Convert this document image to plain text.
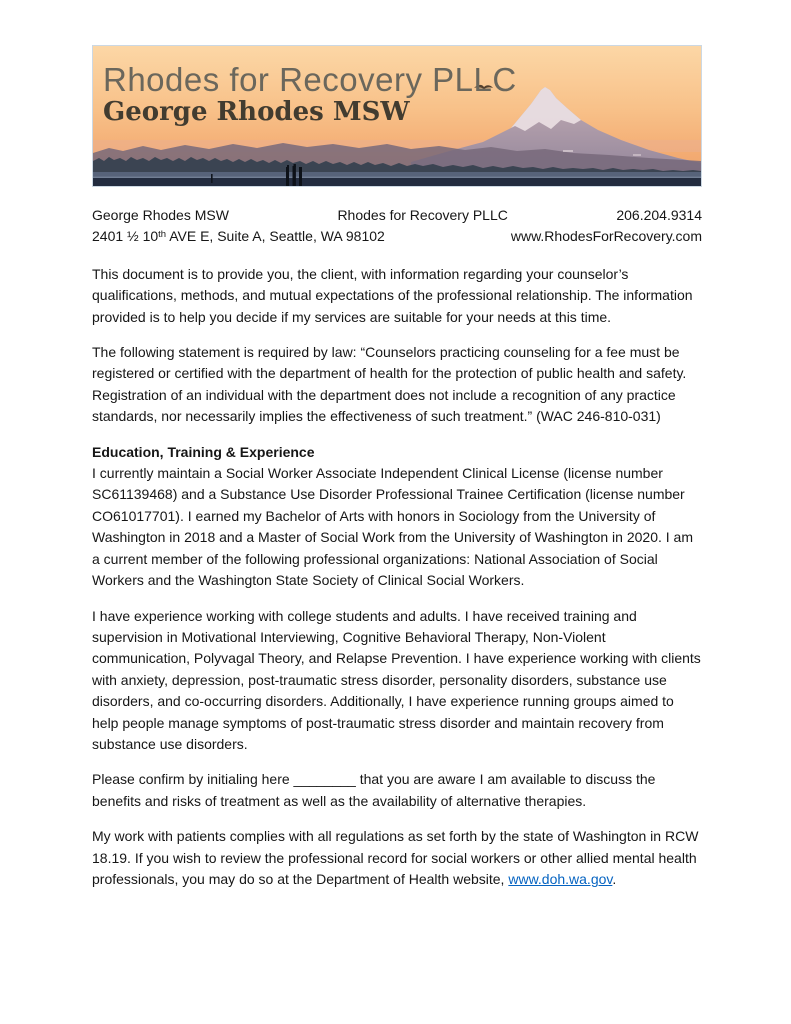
Rhodes for Recovery PLLC
George Rhodes MSW
George Rhodes MSW	Rhodes for Recovery PLLC	206.204.9314
2401 ½ 10th AVE E, Suite A, Seattle, WA 98102	www.RhodesForRecovery.com

This document is to provide you, the client, with information regarding your counselor’s qualifications, methods, and mutual expectations of the professional relationship. The information provided is to help you decide if my services are suitable for your needs at this time.

The following statement is required by law: “Counselors practicing counseling for a fee must be registered or certified with the department of health for the protection of public health and safety. Registration of an individual with the department does not include a recognition of any practice standards, nor necessarily implies the effectiveness of such treatment.” (WAC 246-810-031)

Education, Training & Experience

I currently maintain a Social Worker Associate Independent Clinical License (license number SC61139468) and a Substance Use Disorder Professional Trainee Certification (license number CO61017701). I earned my Bachelor of Arts with honors in Sociology from the University of Washington in 2018 and a Master of Social Work from the University of Washington in 2020. I am a current member of the following professional organizations: National Association of Social Workers and the Washington State Society of Clinical Social Workers.

I have experience working with college students and adults. I have received training and supervision in Motivational Interviewing, Cognitive Behavioral Therapy, Non-Violent communication, Polyvagal Theory, and Relapse Prevention. I have experience working with clients with anxiety, depression, post-traumatic stress disorder, personality disorders, substance use disorders, and co-occurring disorders. Additionally, I have experience running groups aimed to help people manage symptoms of post-traumatic stress disorder and maintain recovery from substance use disorders.

Please confirm by initialing here ________ that you are aware I am available to discuss the benefits and risks of treatment as well as the availability of alternative therapies.

My work with patients complies with all regulations as set forth by the state of Washington in RCW 18.19. If you wish to review the professional record for social workers or other allied mental health professionals, you may do so at the Department of Health website, www.doh.wa.gov.
